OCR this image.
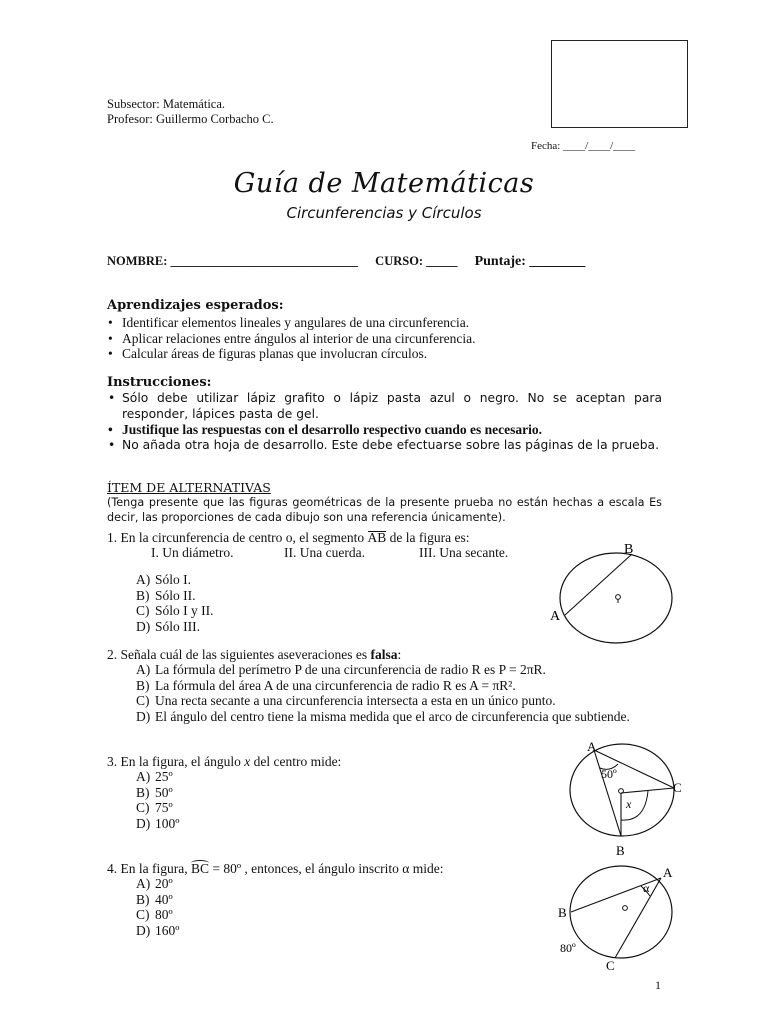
Subsector: Matemática.
Profesor: Guillermo Corbacho C.
Fecha: ____/____/____
Guía de Matemáticas
Circunferencias y Círculos
NOMBRE: ______________________________ CURSO: _____ Puntaje: ________
Aprendizajes esperados:
• Identificar elementos lineales y angulares de una circunferencia.
• Aplicar relaciones entre ángulos al interior de una circunferencia.
• Calcular áreas de figuras planas que involucran círculos.
Instrucciones:
• Sólo debe utilizar lápiz grafito o lápiz pasta azul o negro. No se aceptan para responder, lápices pasta de gel.
• Justifique las respuestas con el desarrollo respectivo cuando es necesario.
• No añada otra hoja de desarrollo. Este debe efectuarse sobre las páginas de la prueba.
ÍTEM DE ALTERNATIVAS
(Tenga presente que las figuras geométricas de la presente prueba no están hechas a escala Es decir, las proporciones de cada dibujo son una referencia únicamente).
1. En la circunferencia de centro o, el segmento
AB de la figura es:
I. Un diámetro.	II. Una cuerda.	III. Una secante.
A) Sólo I.
B) Sólo II.
C) Sólo I y II.
D) Sólo III.
B
A
2. Señala cuál de las siguientes aseveraciones es falsa:
A) La fórmula del perímetro P de una circunferencia de radio R es P = 2πR.
B) La fórmula del área A de una circunferencia de radio R es A = πR².
C) Una recta secante a una circunferencia intersecta a esta en un único punto.
D) El ángulo del centro tiene la misma medida que el arco de circunferencia que subtiende.
3. En la figura, el ángulo x del centro mide:
A) 25º
B) 50º
C) 75º
D) 100º
A
50º
C
x
B
4. En la figura,
BC = 80º , entonces, el ángulo inscrito α mide:
A) 20º
B) 40º
C) 80º
D) 160º
A
α
B
80º
C
1
